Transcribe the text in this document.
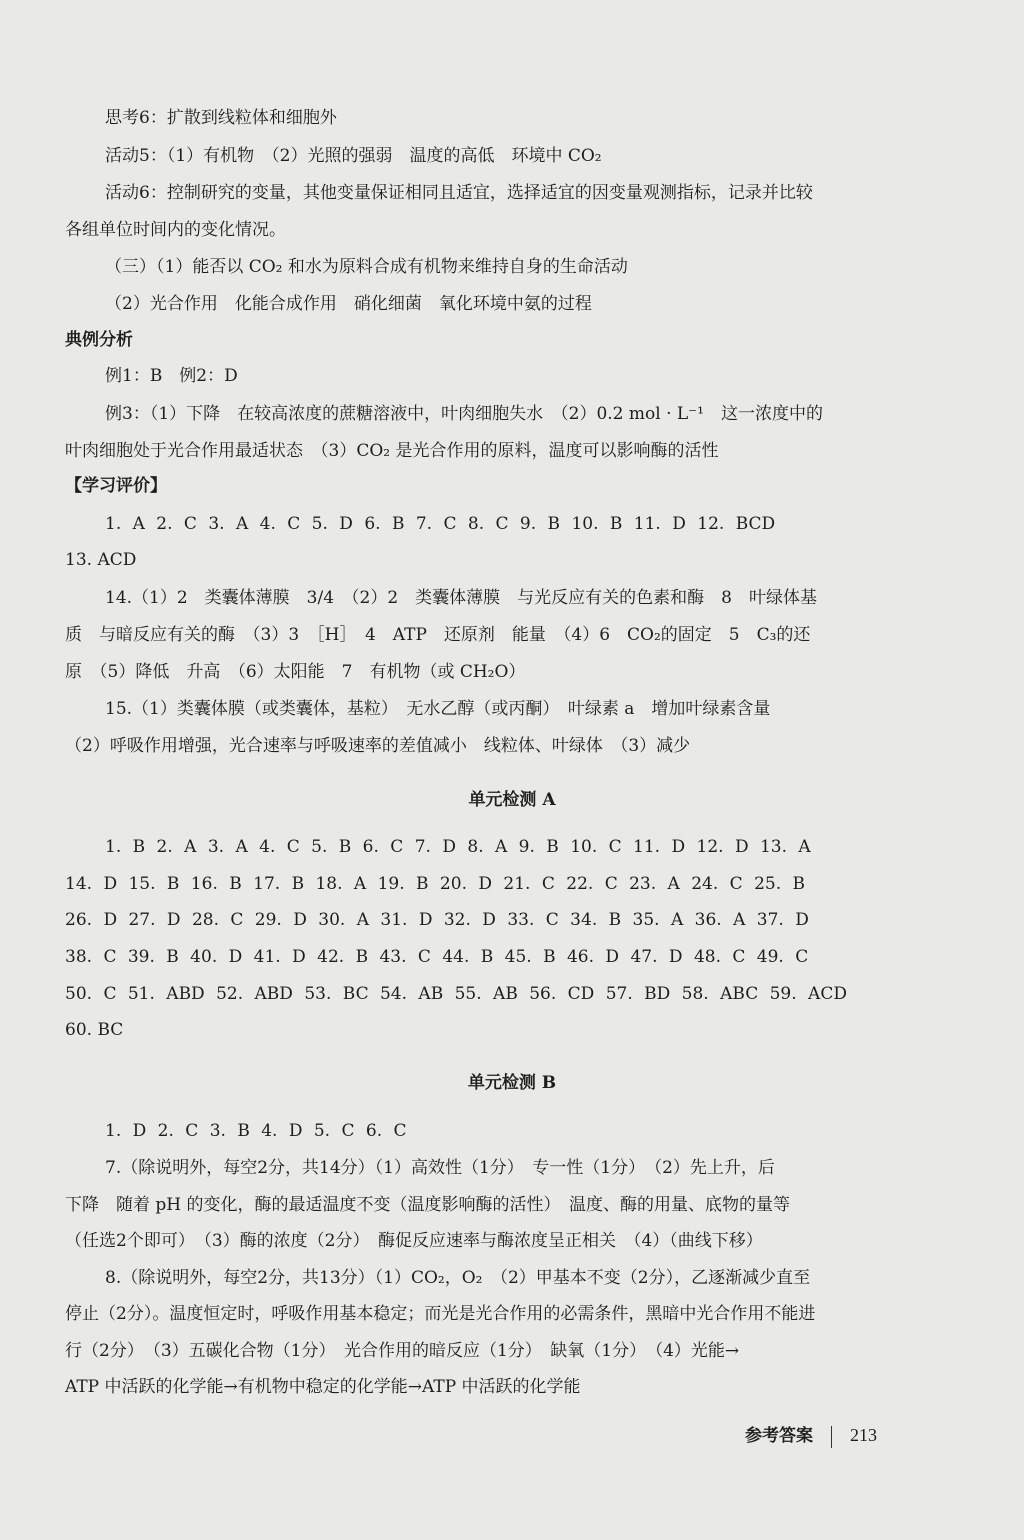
思考6：扩散到线粒体和细胞外
活动5：（1）有机物　（2）光照的强弱　温度的高低　环境中 CO₂
活动6：控制研究的变量，其他变量保证相同且适宜，选择适宜的因变量观测指标，记录并比较
各组单位时间内的变化情况。
（三）（1）能否以 CO₂ 和水为原料合成有机物来维持自身的生命活动
（2）光合作用　化能合成作用　硝化细菌　氧化环境中氨的过程
典例分析
例1：B　例2：D
例3：（1）下降　在较高浓度的蔗糖溶液中，叶肉细胞失水　（2）0.2 mol · L⁻¹　这一浓度中的
叶肉细胞处于光合作用最适状态　（3）CO₂ 是光合作用的原料，温度可以影响酶的活性
【学习评价】
1. A 2. C 3. A 4. C 5. D 6. B 7. C 8. C 9. B 10. B 11. D 12. BCD
13. ACD
14.（1）2　类囊体薄膜　3/4　（2）2　类囊体薄膜　与光反应有关的色素和酶　8　叶绿体基
质　与暗反应有关的酶　（3）3　［H］　4　ATP　还原剂　能量　（4）6　CO₂的固定　5　C₃的还
原　（5）降低　升高　（6）太阳能　7　有机物（或 CH₂O）
15.（1）类囊体膜（或类囊体，基粒）　无水乙醇（或丙酮）　叶绿素 a　增加叶绿素含量
（2）呼吸作用增强，光合速率与呼吸速率的差值减小　线粒体、叶绿体　（3）减少
单元检测 A
1. B 2. A 3. A 4. C 5. B 6. C 7. D 8. A 9. B 10. C 11. D 12. D 13. A
14. D 15. B 16. B 17. B 18. A 19. B 20. D 21. C 22. C 23. A 24. C 25. B
26. D 27. D 28. C 29. D 30. A 31. D 32. D 33. C 34. B 35. A 36. A 37. D
38. C 39. B 40. D 41. D 42. B 43. C 44. B 45. B 46. D 47. D 48. C 49. C
50. C 51. ABD 52. ABD 53. BC 54. AB 55. AB 56. CD 57. BD 58. ABC 59. ACD
60. BC
单元检测 B
1. D 2. C 3. B 4. D 5. C 6. C
7.（除说明外，每空2分，共14分）（1）高效性（1分）　专一性（1分）　（2）先上升，后
下降　随着 pH 的变化，酶的最适温度不变（温度影响酶的活性）　温度、酶的用量、底物的量等
（任选2个即可）　（3）酶的浓度（2分）　酶促反应速率与酶浓度呈正相关　（4）（曲线下移）
8.（除说明外，每空2分，共13分）（1）CO₂，O₂　（2）甲基本不变（2分），乙逐渐减少直至
停止（2分）。温度恒定时，呼吸作用基本稳定；而光是光合作用的必需条件，黑暗中光合作用不能进
行（2分）　（3）五碳化合物（1分）　光合作用的暗反应（1分）　缺氧（1分）　（4）光能→
ATP 中活跃的化学能→有机物中稳定的化学能→ATP 中活跃的化学能
参考答案 213
